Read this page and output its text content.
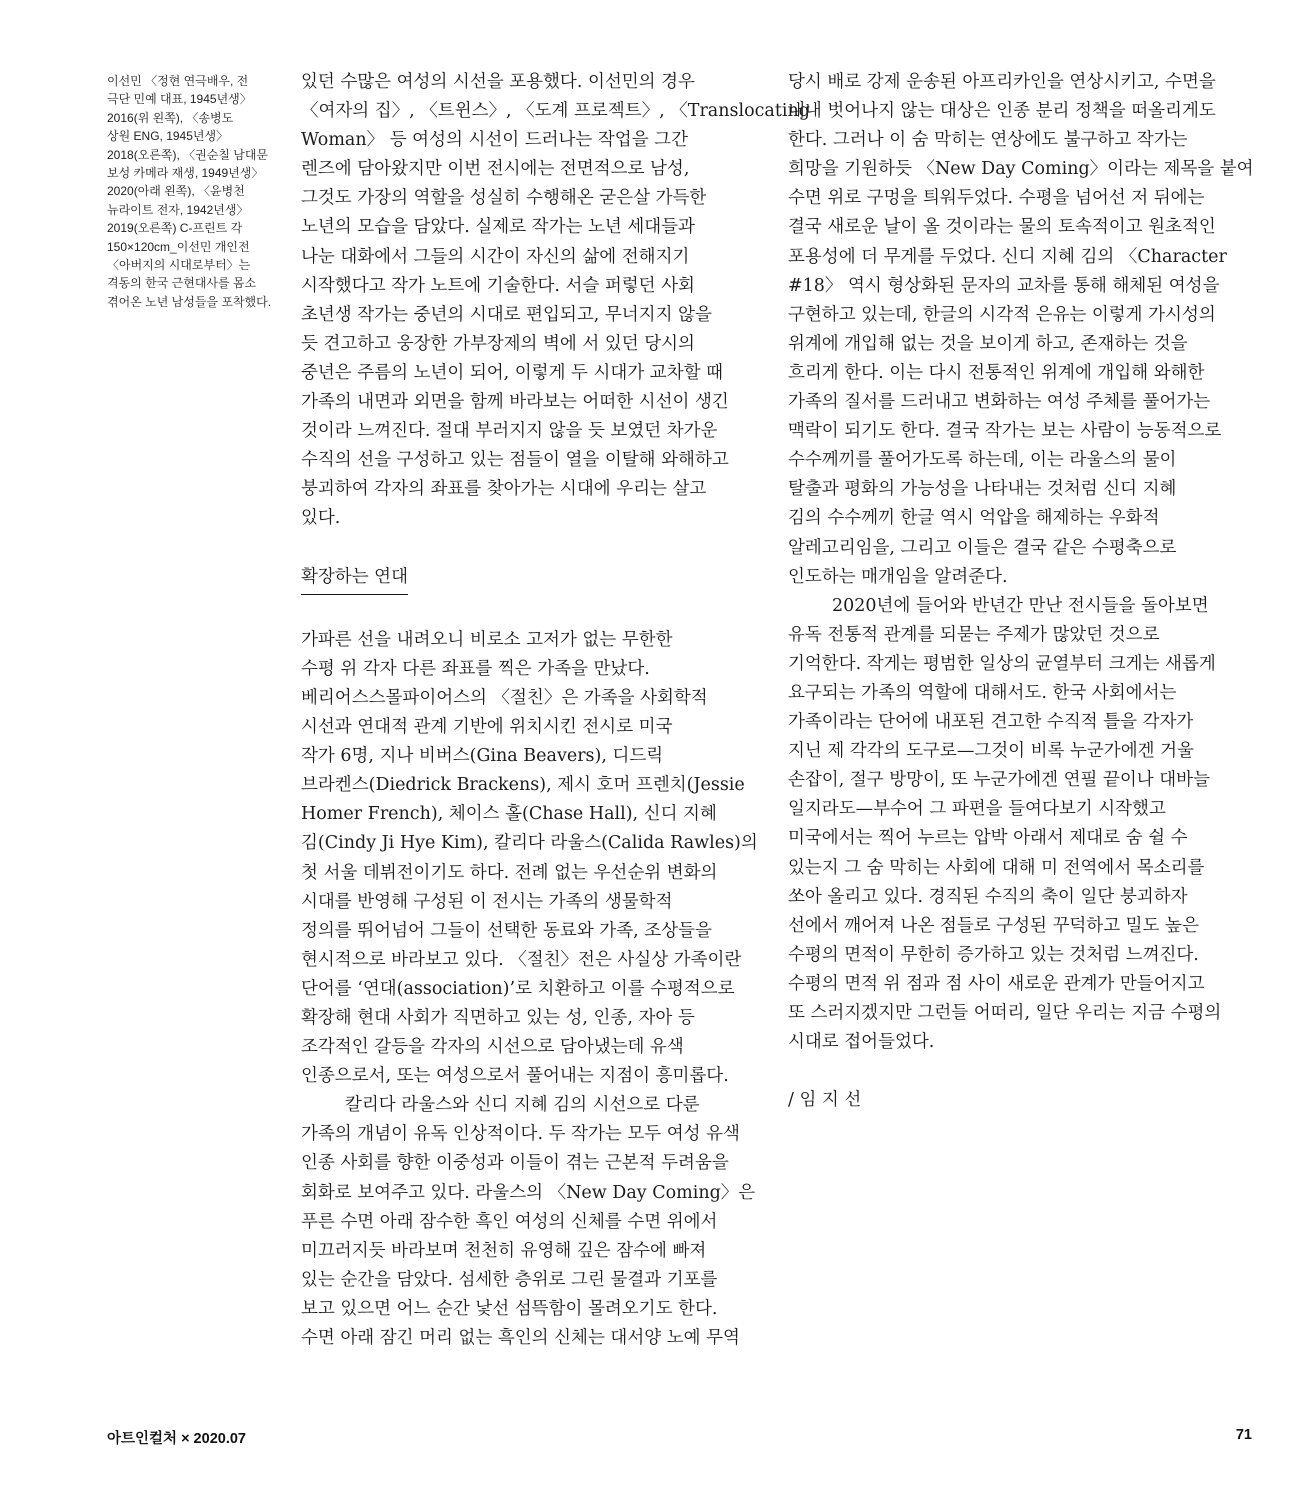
이선민 〈정현 연극배우, 전
극단 민예 대표, 1945년생〉
2016(위 왼쪽), 〈송병도
상원 ENG, 1945년생〉
2018(오른쪽), 〈권순칠 남대문
보성 카메라 재생, 1949년생〉
2020(아래 왼쪽), 〈윤병천
뉴라이트 전자, 1942년생〉
2019(오른쪽) C-프린트 각
150×120cm_이선민 개인전
〈아버지의 시대로부터〉는
격동의 한국 근현대사를 몸소
겪어온 노년 남성들을 포착했다.
있던 수많은 여성의 시선을 포용했다. 이선민의 경우
〈여자의 집〉, 〈트윈스〉, 〈도계 프로젝트〉, 〈Translocating
Woman〉 등 여성의 시선이 드러나는 작업을 그간
렌즈에 담아왔지만 이번 전시에는 전면적으로 남성,
그것도 가장의 역할을 성실히 수행해온 굳은살 가득한
노년의 모습을 담았다. 실제로 작가는 노년 세대들과
나눈 대화에서 그들의 시간이 자신의 삶에 전해지기
시작했다고 작가 노트에 기술한다. 서슬 퍼렇던 사회
초년생 작가는 중년의 시대로 편입되고, 무너지지 않을
듯 견고하고 웅장한 가부장제의 벽에 서 있던 당시의
중년은 주름의 노년이 되어, 이렇게 두 시대가 교차할 때
가족의 내면과 외면을 함께 바라보는 어떠한 시선이 생긴
것이라 느껴진다. 절대 부러지지 않을 듯 보였던 차가운
수직의 선을 구성하고 있는 점들이 열을 이탈해 와해하고
붕괴하여 각자의 좌표를 찾아가는 시대에 우리는 살고
있다.
확장하는 연대
가파른 선을 내려오니 비로소 고저가 없는 무한한
수평 위 각자 다른 좌표를 찍은 가족을 만났다.
베리어스스몰파이어스의 〈절친〉은 가족을 사회학적
시선과 연대적 관계 기반에 위치시킨 전시로 미국
작가 6명, 지나 비버스(Gina Beavers), 디드릭
브라켄스(Diedrick Brackens), 제시 호머 프렌치(Jessie
Homer French), 체이스 홀(Chase Hall), 신디 지혜
김(Cindy Ji Hye Kim), 칼리다 라울스(Calida Rawles)의
첫 서울 데뷔전이기도 하다. 전례 없는 우선순위 변화의
시대를 반영해 구성된 이 전시는 가족의 생물학적
정의를 뛰어넘어 그들이 선택한 동료와 가족, 조상들을
현시적으로 바라보고 있다. 〈절친〉전은 사실상 가족이란
단어를 ‘연대(association)’로 치환하고 이를 수평적으로
확장해 현대 사회가 직면하고 있는 성, 인종, 자아 등
조각적인 갈등을 각자의 시선으로 담아냈는데 유색
인종으로서, 또는 여성으로서 풀어내는 지점이 흥미롭다.
칼리다 라울스와 신디 지혜 김의 시선으로 다룬
가족의 개념이 유독 인상적이다. 두 작가는 모두 여성 유색
인종 사회를 향한 이중성과 이들이 겪는 근본적 두려움을
회화로 보여주고 있다. 라울스의 〈New Day Coming〉은
푸른 수면 아래 잠수한 흑인 여성의 신체를 수면 위에서
미끄러지듯 바라보며 천천히 유영해 깊은 잠수에 빠져
있는 순간을 담았다. 섬세한 층위로 그린 물결과 기포를
보고 있으면 어느 순간 낯선 섬뜩함이 몰려오기도 한다.
수면 아래 잠긴 머리 없는 흑인의 신체는 대서양 노예 무역
당시 배로 강제 운송된 아프리카인을 연상시키고, 수면을
내내 벗어나지 않는 대상은 인종 분리 정책을 떠올리게도
한다. 그러나 이 숨 막히는 연상에도 불구하고 작가는
희망을 기원하듯 〈New Day Coming〉이라는 제목을 붙여
수면 위로 구멍을 틔워두었다. 수평을 넘어선 저 뒤에는
결국 새로운 날이 올 것이라는 물의 토속적이고 원초적인
포용성에 더 무게를 두었다. 신디 지혜 김의 〈Character
#18〉 역시 형상화된 문자의 교차를 통해 해체된 여성을
구현하고 있는데, 한글의 시각적 은유는 이렇게 가시성의
위계에 개입해 없는 것을 보이게 하고, 존재하는 것을
흐리게 한다. 이는 다시 전통적인 위계에 개입해 와해한
가족의 질서를 드러내고 변화하는 여성 주체를 풀어가는
맥락이 되기도 한다. 결국 작가는 보는 사람이 능동적으로
수수께끼를 풀어가도록 하는데, 이는 라울스의 물이
탈출과 평화의 가능성을 나타내는 것처럼 신디 지혜
김의 수수께끼 한글 역시 억압을 해제하는 우화적
알레고리임을, 그리고 이들은 결국 같은 수평축으로
인도하는 매개임을 알려준다.
2020년에 들어와 반년간 만난 전시들을 돌아보면
유독 전통적 관계를 되묻는 주제가 많았던 것으로
기억한다. 작게는 평범한 일상의 균열부터 크게는 새롭게
요구되는 가족의 역할에 대해서도. 한국 사회에서는
가족이라는 단어에 내포된 견고한 수직적 틀을 각자가
지닌 제 각각의 도구로—그것이 비록 누군가에겐 거울
손잡이, 절구 방망이, 또 누군가에겐 연필 끝이나 대바늘
일지라도—부수어 그 파편을 들여다보기 시작했고
미국에서는 찍어 누르는 압박 아래서 제대로 숨 쉴 수
있는지 그 숨 막히는 사회에 대해 미 전역에서 목소리를
쏘아 올리고 있다. 경직된 수직의 축이 일단 붕괴하자
선에서 깨어져 나온 점들로 구성된 꾸덕하고 밀도 높은
수평의 면적이 무한히 증가하고 있는 것처럼 느껴진다.
수평의 면적 위 점과 점 사이 새로운 관계가 만들어지고
또 스러지겠지만 그런들 어떠리, 일단 우리는 지금 수평의
시대로 접어들었다.
/ 임 지 선
아트인컬처 × 2020.07	71
